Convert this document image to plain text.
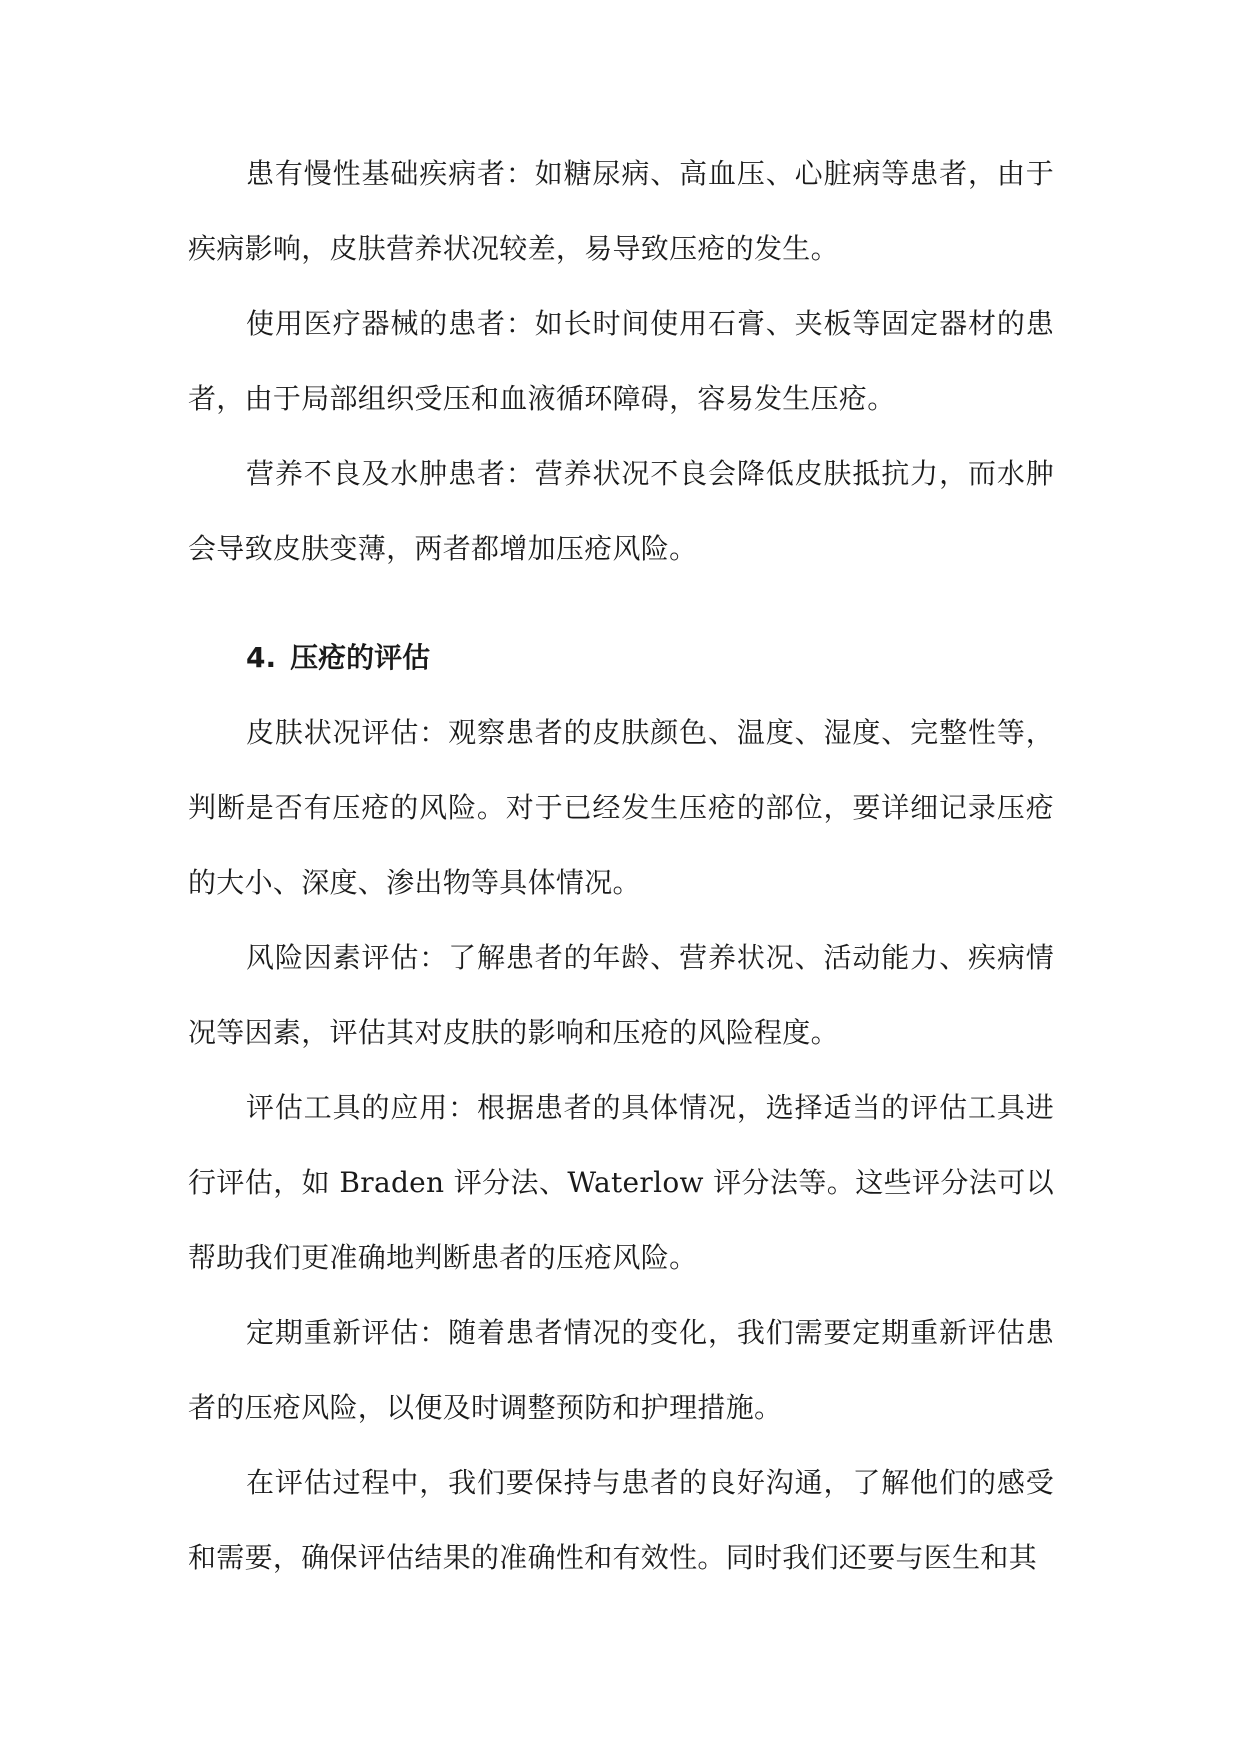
患有慢性基础疾病者：如糖尿病、高血压、心脏病等患者，由于疾病影响，皮肤营养状况较差，易导致压疮的发生。

使用医疗器械的患者：如长时间使用石膏、夹板等固定器材的患者，由于局部组织受压和血液循环障碍，容易发生压疮。

营养不良及水肿患者：营养状况不良会降低皮肤抵抗力，而水肿会导致皮肤变薄，两者都增加压疮风险。

4. 压疮的评估

皮肤状况评估：观察患者的皮肤颜色、温度、湿度、完整性等，判断是否有压疮的风险。对于已经发生压疮的部位，要详细记录压疮的大小、深度、渗出物等具体情况。

风险因素评估：了解患者的年龄、营养状况、活动能力、疾病情况等因素，评估其对皮肤的影响和压疮的风险程度。

评估工具的应用：根据患者的具体情况，选择适当的评估工具进行评估，如 Braden 评分法、Waterlow 评分法等。这些评分法可以帮助我们更准确地判断患者的压疮风险。

定期重新评估：随着患者情况的变化，我们需要定期重新评估患者的压疮风险，以便及时调整预防和护理措施。

在评估过程中，我们要保持与患者的良好沟通，了解他们的感受和需要，确保评估结果的准确性和有效性。同时我们还要与医生和其
